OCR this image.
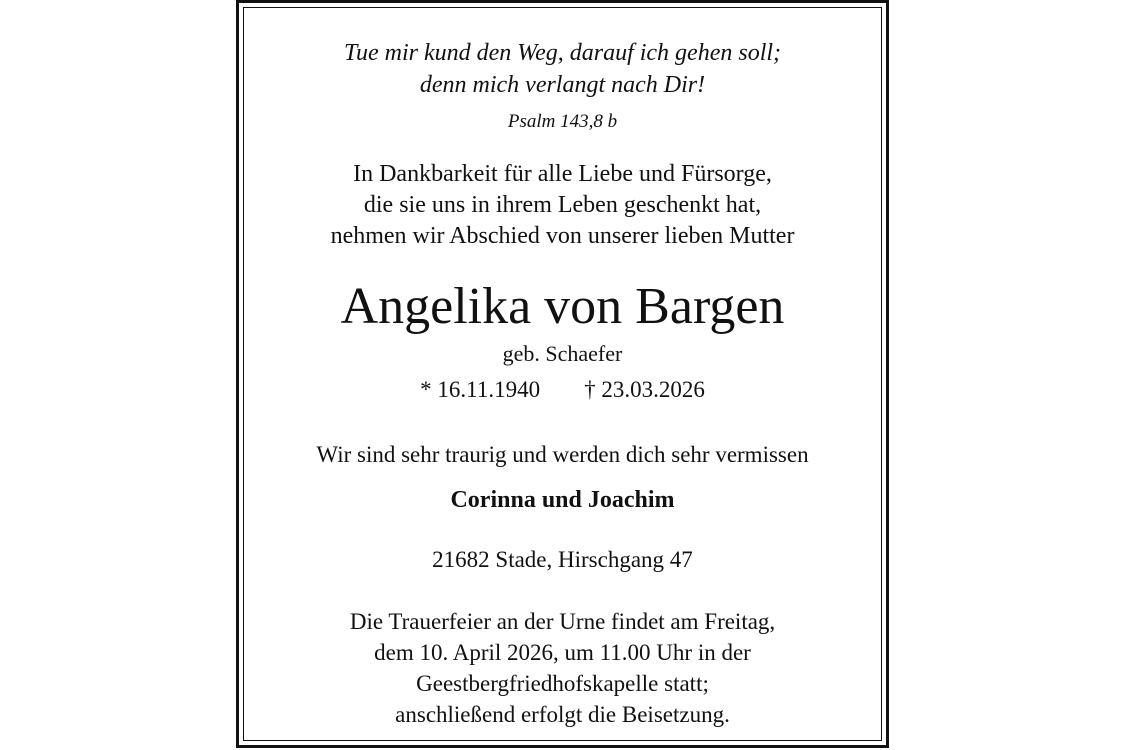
Tue mir kund den Weg, darauf ich gehen soll;
denn mich verlangt nach Dir!
Psalm 143,8 b
In Dankbarkeit für alle Liebe und Fürsorge,
die sie uns in ihrem Leben geschenkt hat,
nehmen wir Abschied von unserer lieben Mutter
Angelika von Bargen
geb. Schaefer
* 16.11.1940 † 23.03.2026
Wir sind sehr traurig und werden dich sehr vermissen
Corinna und Joachim
21682 Stade, Hirschgang 47
Die Trauerfeier an der Urne findet am Freitag,
dem 10. April 2026, um 11.00 Uhr in der
Geestbergfriedhofskapelle statt;
anschließend erfolgt die Beisetzung.
